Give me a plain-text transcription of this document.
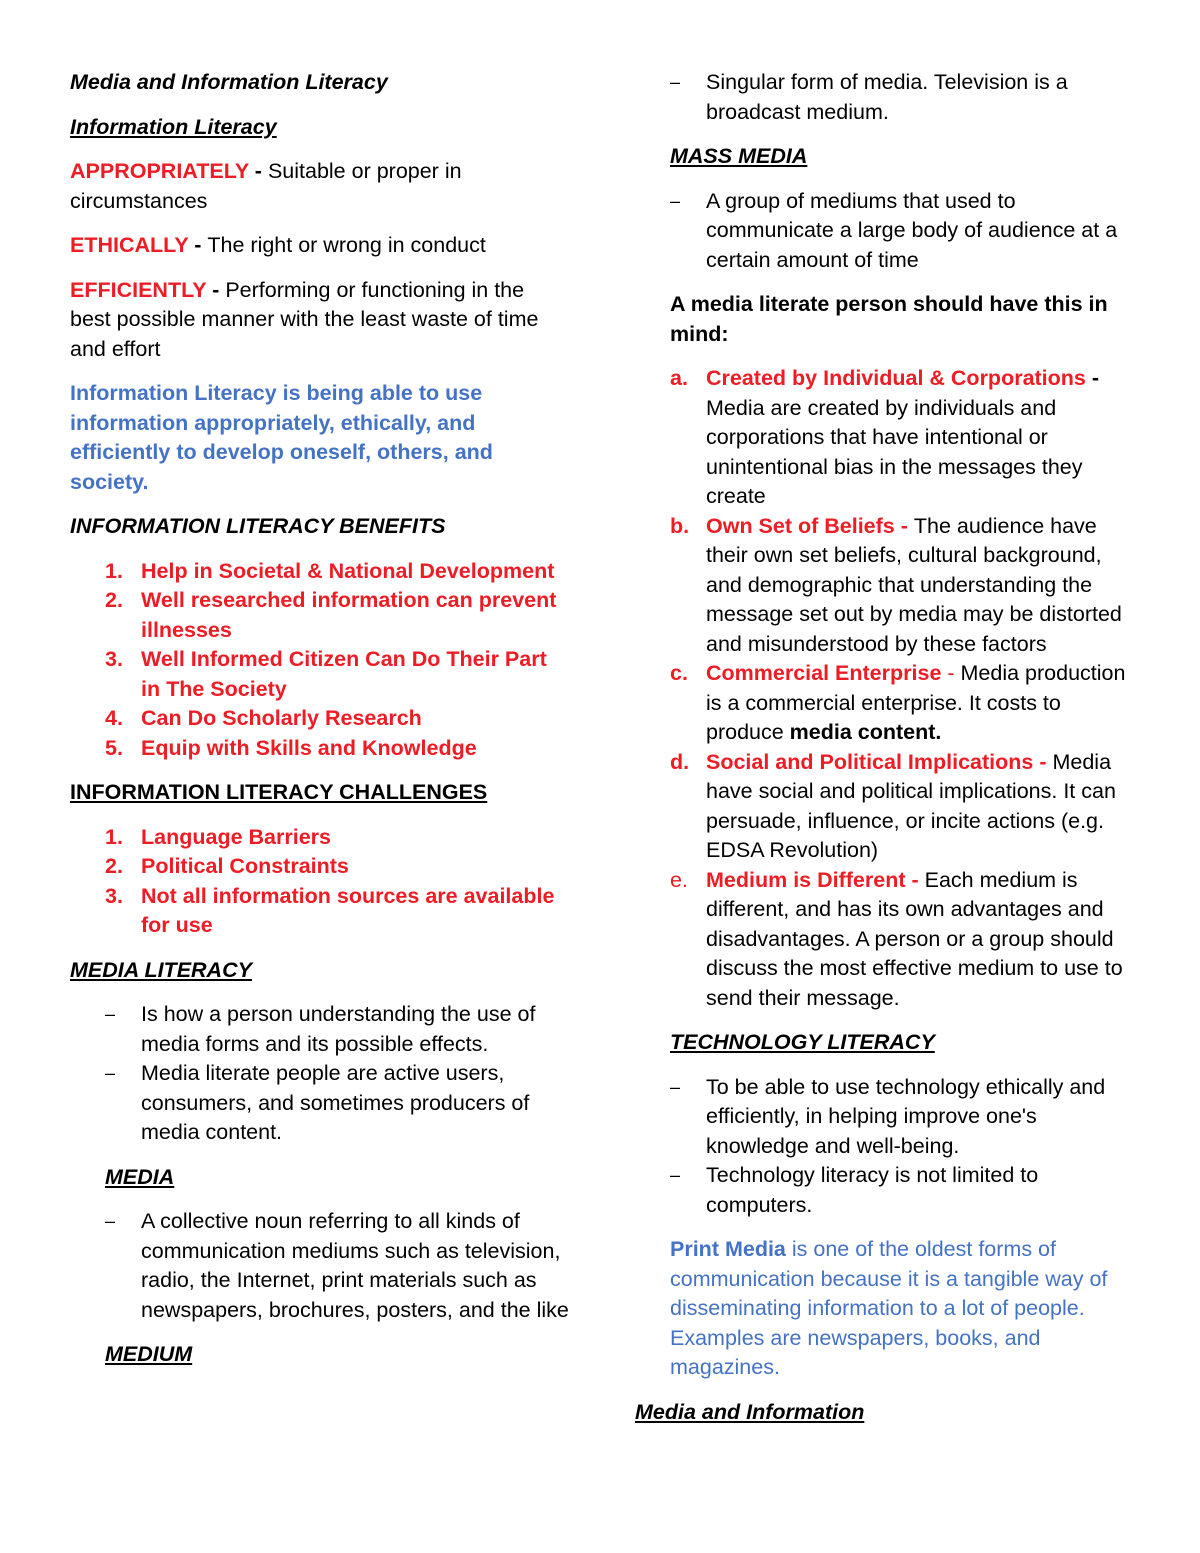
Media and Information Literacy

Information Literacy

APPROPRIATELY - Suitable or proper in circumstances

ETHICALLY - The right or wrong in conduct

EFFICIENTLY - Performing or functioning in the best possible manner with the least waste of time and effort

Information Literacy is being able to use information appropriately, ethically, and efficiently to develop oneself, others, and society.

INFORMATION LITERACY BENEFITS

1. Help in Societal & National Development
2. Well researched information can prevent illnesses
3. Well Informed Citizen Can Do Their Part in The Society
4. Can Do Scholarly Research
5. Equip with Skills and Knowledge

INFORMATION LITERACY CHALLENGES

1. Language Barriers
2. Political Constraints
3. Not all information sources are available for use

MEDIA LITERACY

– Is how a person understanding the use of media forms and its possible effects.
– Media literate people are active users, consumers, and sometimes producers of media content.

MEDIA

– A collective noun referring to all kinds of communication mediums such as television, radio, the Internet, print materials such as newspapers, brochures, posters, and the like

MEDIUM

– Singular form of media. Television is a broadcast medium.

MASS MEDIA

– A group of mediums that used to communicate a large body of audience at a certain amount of time

A media literate person should have this in mind:

a. Created by Individual & Corporations - Media are created by individuals and corporations that have intentional or unintentional bias in the messages they create
b. Own Set of Beliefs - The audience have their own set beliefs, cultural background, and demographic that understanding the message set out by media may be distorted and misunderstood by these factors
c. Commercial Enterprise - Media production is a commercial enterprise. It costs to produce media content.
d. Social and Political Implications - Media have social and political implications. It can persuade, influence, or incite actions (e.g. EDSA Revolution)
e. Medium is Different - Each medium is different, and has its own advantages and disadvantages. A person or a group should discuss the most effective medium to use to send their message.

TECHNOLOGY LITERACY

– To be able to use technology ethically and efficiently, in helping improve one's knowledge and well-being.
– Technology literacy is not limited to computers.

Print Media is one of the oldest forms of communication because it is a tangible way of disseminating information to a lot of people. Examples are newspapers, books, and magazines.

Media and Information
